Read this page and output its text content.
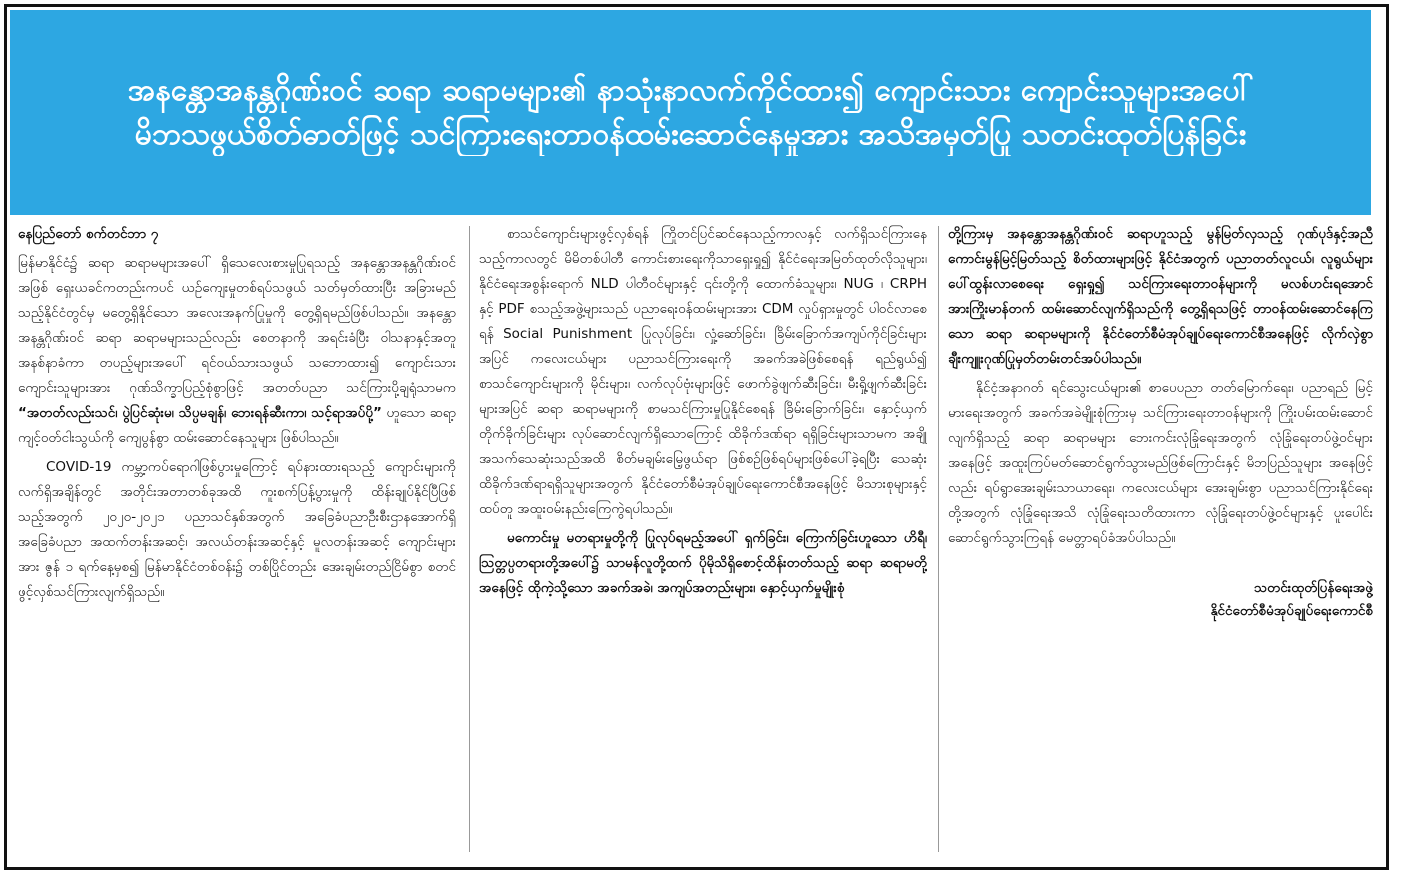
အနန္တောအနန္တဂိုဏ်းဝင် ဆရာ ဆရာမများ၏ နာသုံးနာလက်ကိုင်ထား၍ ကျောင်းသား ကျောင်းသူများအပေါ်
မိဘသဖွယ်စိတ်ဓာတ်ဖြင့် သင်ကြားရေးတာဝန်ထမ်းဆောင်နေမှုအား အသိအမှတ်ပြု သတင်းထုတ်ပြန်ခြင်း

နေပြည်တော် စက်တင်ဘာ ၇

မြန်မာနိုင်ငံ၌ ဆရာ ဆရာမများအပေါ် ရှိသေလေးစားမှုပြုရသည့် အနန္တောအနန္တဂိုဏ်းဝင်အဖြစ် ရှေးယခင်ကတည်းကပင် ယဉ်ကျေးမှုတစ်ရပ်သဖွယ် သတ်မှတ်ထားပြီး အခြားမည်သည့်နိုင်ငံတွင်မှ မတွေ့ရှိနိုင်သော အလေးအနက်ပြုမှုကို တွေ့ရှိရမည်ဖြစ်ပါသည်။ အနန္တောအနန္တဂိုဏ်းဝင် ဆရာ ဆရာမများသည်လည်း စေတနာကို အရင်းခံပြီး ဝါသနာနှင့်အတူ အနစ်နာခံကာ တပည့်များအပေါ် ရင်ဝယ်သားသဖွယ် သဘောထား၍ ကျောင်းသား ကျောင်းသူများအား ဂုဏ်သိက္ခာပြည့်စုံစွာဖြင့် အတတ်ပညာ သင်ကြားပို့ချရုံသာမက “အတတ်လည်းသင်၊ ပွဲပြင်ဆုံးမ၊ သိပ္ပမချန်၊ ဘေးရန်ဆီးကာ၊ သင့်ရာအပ်ပို့” ဟူသော ဆရာ့ကျင့်ဝတ်ငါးသွယ်ကို ကျေပွန်စွာ ထမ်းဆောင်နေသူများ ဖြစ်ပါသည်။

COVID-19 ကမ္ဘာ့ကပ်ရောဂါဖြစ်ပွားမှုကြောင့် ရပ်နားထားရသည့် ကျောင်းများကို လက်ရှိအချိန်တွင် အတိုင်းအတာတစ်ခုအထိ ကူးစက်ပြန့်ပွားမှုကို ထိန်းချုပ်နိုင်ပြီဖြစ်သည့်အတွက် ၂၀၂၀-၂၀၂၁ ပညာသင်နှစ်အတွက် အခြေခံပညာဦးစီးဌာနအောက်ရှိ အခြေခံပညာ အထက်တန်းအဆင့်၊ အလယ်တန်းအဆင့်နှင့် မူလတန်းအဆင့် ကျောင်းများအား ဇွန် ၁ ရက်နေ့မှစ၍ မြန်မာနိုင်ငံတစ်ဝန်း၌ တစ်ပြိုင်တည်း အေးချမ်းတည်ငြိမ်စွာ စတင်ဖွင့်လှစ်သင်ကြားလျက်ရှိသည်။

စာသင်ကျောင်းများဖွင့်လှစ်ရန် ကြိုတင်ပြင်ဆင်နေသည့်ကာလနှင့် လက်ရှိသင်ကြားနေသည့်ကာလတွင် မိမိတစ်ပါတီ ကောင်းစားရေးကိုသာရှေးရှု၍ နိုင်ငံရေးအမြတ်ထုတ်လိုသူများ၊ နိုင်ငံရေးအစွန်းရောက် NLD ပါတီဝင်များနှင့် ၎င်းတို့ကို ထောက်ခံသူများ၊ NUG ၊ CRPH နှင့် PDF စသည့်အဖွဲ့များသည် ပညာရေးဝန်ထမ်းများအား CDM လှုပ်ရှားမှုတွင် ပါဝင်လာစေရန် Social Punishment ပြုလုပ်ခြင်း၊ လှုံ့ဆော်ခြင်း၊ ခြိမ်းခြောက်အကျပ်ကိုင်ခြင်းများအပြင် ကလေးငယ်များ ပညာသင်ကြားရေးကို အခက်အခဲဖြစ်စေရန် ရည်ရွယ်၍ စာသင်ကျောင်းများကို မိုင်းများ၊ လက်လုပ်ဗုံးများဖြင့် ဖောက်ခွဲဖျက်ဆီးခြင်း၊ မီးရှို့ဖျက်ဆီးခြင်းများအပြင် ဆရာ ဆရာမများကို စာမသင်ကြားမှုပြုနိုင်စေရန် ခြိမ်းခြောက်ခြင်း၊ နှောင့်ယှက်တိုက်ခိုက်ခြင်းများ လုပ်ဆောင်လျက်ရှိသောကြောင့် ထိခိုက်ဒဏ်ရာ ရရှိခြင်းများသာမက အချို့အသက်သေဆုံးသည်အထိ စိတ်မချမ်းမြေ့ဖွယ်ရာ ဖြစ်စဉ်ဖြစ်ရပ်များဖြစ်ပေါ်ခဲ့ရပြီး သေဆုံးထိခိုက်ဒဏ်ရာရရှိသူများအတွက် နိုင်ငံတော်စီမံအုပ်ချုပ်ရေးကောင်စီအနေဖြင့် မိသားစုများနှင့်ထပ်တူ အထူးဝမ်းနည်းကြေကွဲရပါသည်။

မကောင်းမှု မတရားမှုတို့ကို ပြုလုပ်ရမည့်အပေါ် ရှက်ခြင်း၊ ကြောက်ခြင်းဟူသော ဟိရီ၊ ဩတ္တပ္ပတရားတို့အပေါ်၌ သာမန်လူတို့ထက် ပိုမိုသိရှိစောင့်ထိန်းတတ်သည့် ဆရာ ဆရာမတို့အနေဖြင့် ထိုကဲ့သို့သော အခက်အခဲ၊ အကျပ်အတည်းများ၊ နှောင့်ယှက်မှုမျိုးစုံ

တို့ကြားမှ အနန္တောအနန္တဂိုဏ်းဝင် ဆရာဟူသည့် မွန်မြတ်လှသည့် ဂုဏ်ပုဒ်နှင့်အညီ ကောင်းမွန်မြင့်မြတ်သည့် စိတ်ထားများဖြင့် နိုင်ငံအတွက် ပညာတတ်လူငယ်၊ လူရွယ်များ ပေါ်ထွန်းလာစေရေး ရှေးရှု၍ သင်ကြားရေးတာဝန်များကို မလစ်ဟင်းရအောင် အားကြိုးမာန်တက် ထမ်းဆောင်လျက်ရှိသည်ကို တွေ့ရှိရသဖြင့် တာဝန်ထမ်းဆောင်နေကြသော ဆရာ ဆရာမများကို နိုင်ငံတော်စီမံအုပ်ချုပ်ရေးကောင်စီအနေဖြင့် လိုက်လှဲစွာ ချီးကျူးဂုဏ်ပြုမှတ်တမ်းတင်အပ်ပါသည်။

နိုင်ငံ့အနာဂတ် ရင်သွေးငယ်များ၏ စာပေပညာ တတ်မြောက်ရေး၊ ပညာရည် မြင့်မားရေးအတွက် အခက်အခဲမျိုးစုံကြားမှ သင်ကြားရေးတာဝန်များကို ကြိုးပမ်းထမ်းဆောင်လျက်ရှိသည့် ဆရာ ဆရာမများ ဘေးကင်းလုံခြုံရေးအတွက် လုံခြုံရေးတပ်ဖွဲ့ဝင်များအနေဖြင့် အထူးကြပ်မတ်ဆောင်ရွက်သွားမည်ဖြစ်ကြောင်းနှင့် မိဘပြည်သူများ အနေဖြင့်လည်း ရပ်ရွာအေးချမ်းသာယာရေး၊ ကလေးငယ်များ အေးချမ်းစွာ ပညာသင်ကြားနိုင်ရေးတို့အတွက် လုံခြုံရေးအသိ လုံခြုံရေးသတိထားကာ လုံခြုံရေးတပ်ဖွဲ့ဝင်များနှင့် ပူးပေါင်းဆောင်ရွက်သွားကြရန် မေတ္တာရပ်ခံအပ်ပါသည်။

သတင်းထုတ်ပြန်ရေးအဖွဲ့
နိုင်ငံတော်စီမံအုပ်ချုပ်ရေးကောင်စီ
